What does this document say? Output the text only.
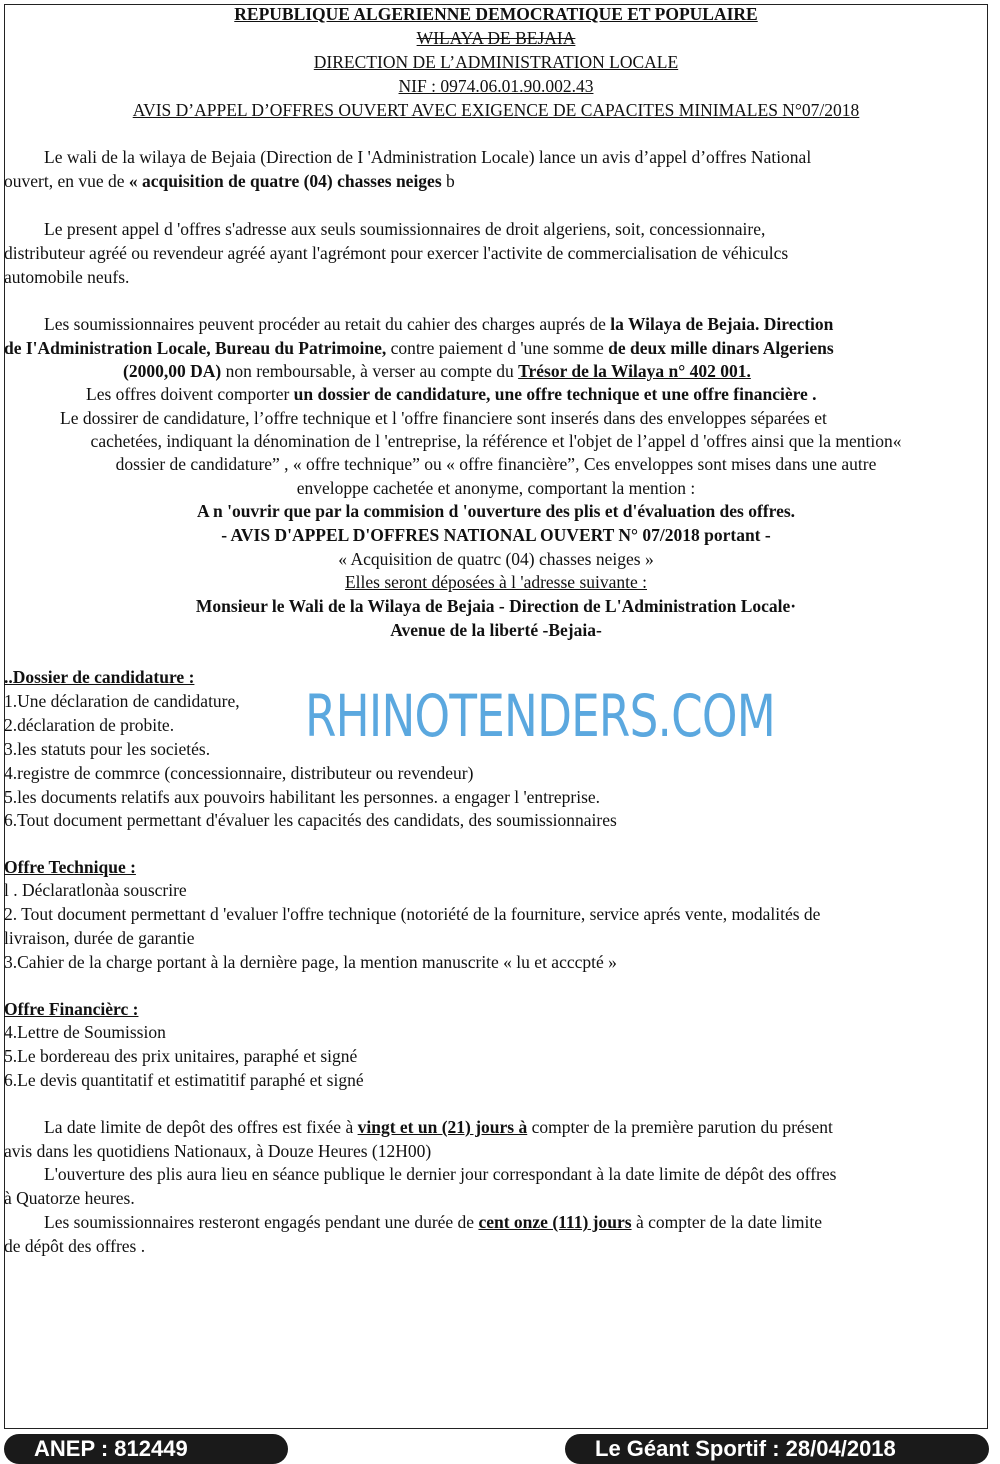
REPUBLIQUE ALGERIENNE DEMOCRATIQUE ET POPULAIRE
WILAYA DE BEJAIA
DIRECTION DE L’ADMINISTRATION LOCALE
NIF : 0974.06.01.90.002.43
AVIS D’APPEL D’OFFRES OUVERT AVEC EXIGENCE DE CAPACITES MINIMALES N°07/2018
Le wali de la wilaya de Bejaia (Direction de I 'Administration Locale) lance un avis d’appel d’offres National
ouvert, en vue de « acquisition de quatre (04) chasses neiges b
Le present appel d 'offres s'adresse aux seuls soumissionnaires de droit algeriens, soit, concessionnaire,
distributeur agréé ou revendeur agréé ayant l'agrémont pour exercer l'activite de commercialisation de véhiculcs
automobile neufs.
Les soumissionnaires peuvent procéder au retait du cahier des charges auprés de la Wilaya de Bejaia. Direction
de I'Administration Locale, Bureau du Patrimoine, contre paiement d 'une somme de deux mille dinars Algeriens
(2000,00 DA) non remboursable, à verser au compte du Trésor de la Wilaya n° 402 001.
Les offres doivent comporter un dossier de candidature, une offre technique et une offre financière .
Le dossirer de candidature, l’offre technique et l 'offre financiere sont inserés dans des enveloppes séparées et
cachetées, indiquant la dénomination de l 'entreprise, la référence et l'objet de l’appel d 'offres ainsi que la mention«
dossier de candidature” , « offre technique” ou « offre financière”, Ces enveloppes sont mises dans une autre
enveloppe cachetée et anonyme, comportant la mention :
A n 'ouvrir que par la commision d 'ouverture des plis et d'évaluation des offres.
- AVIS D'APPEL D'OFFRES NATIONAL OUVERT N° 07/2018 portant -
« Acquisition de quatrc (04) chasses neiges »
Elles seront déposées à l 'adresse suivante :
Monsieur le Wali de la Wilaya de Bejaia - Direction de L'Administration Locale·
Avenue de la liberté -Bejaia-
..Dossier de candidature :
1.Une déclaration de candidature,
2.déclaration de probite.
3.les statuts pour les societés.
4.registre de commrce (concessionnaire, distributeur ou revendeur)
5.les documents relatifs aux pouvoirs habilitant les personnes. a engager l 'entreprise.
6.Tout document permettant d'évaluer les capacités des candidats, des soumissionnaires
RHINOTENDERS.COM
Offre Technique :
l . Déclaratlonàa souscrire
2. Tout document permettant d 'evaluer l'offre technique (notoriété de la fourniture, service aprés vente, modalités de
livraison, durée de garantie
3.Cahier de la charge portant à la dernière page, la mention manuscrite « lu et acccpté »
Offre Financièrc :
4.Lettre de Soumission
5.Le bordereau des prix unitaires, paraphé et signé
6.Le devis quantitatif et estimatitif paraphé et signé
La date limite de depôt des offres est fixée à vingt et un (21) jours à compter de la première parution du présent
avis dans les quotidiens Nationaux, à Douze Heures (12H00)
L'ouverture des plis aura lieu en séance publique le dernier jour correspondant à la date limite de dépôt des offres
à Quatorze heures.
Les soumissionnaires resteront engagés pendant une durée de cent onze (111) jours à compter de la date limite
de dépôt des offres .
ANEP : 812449	Le Géant Sportif : 28/04/2018
